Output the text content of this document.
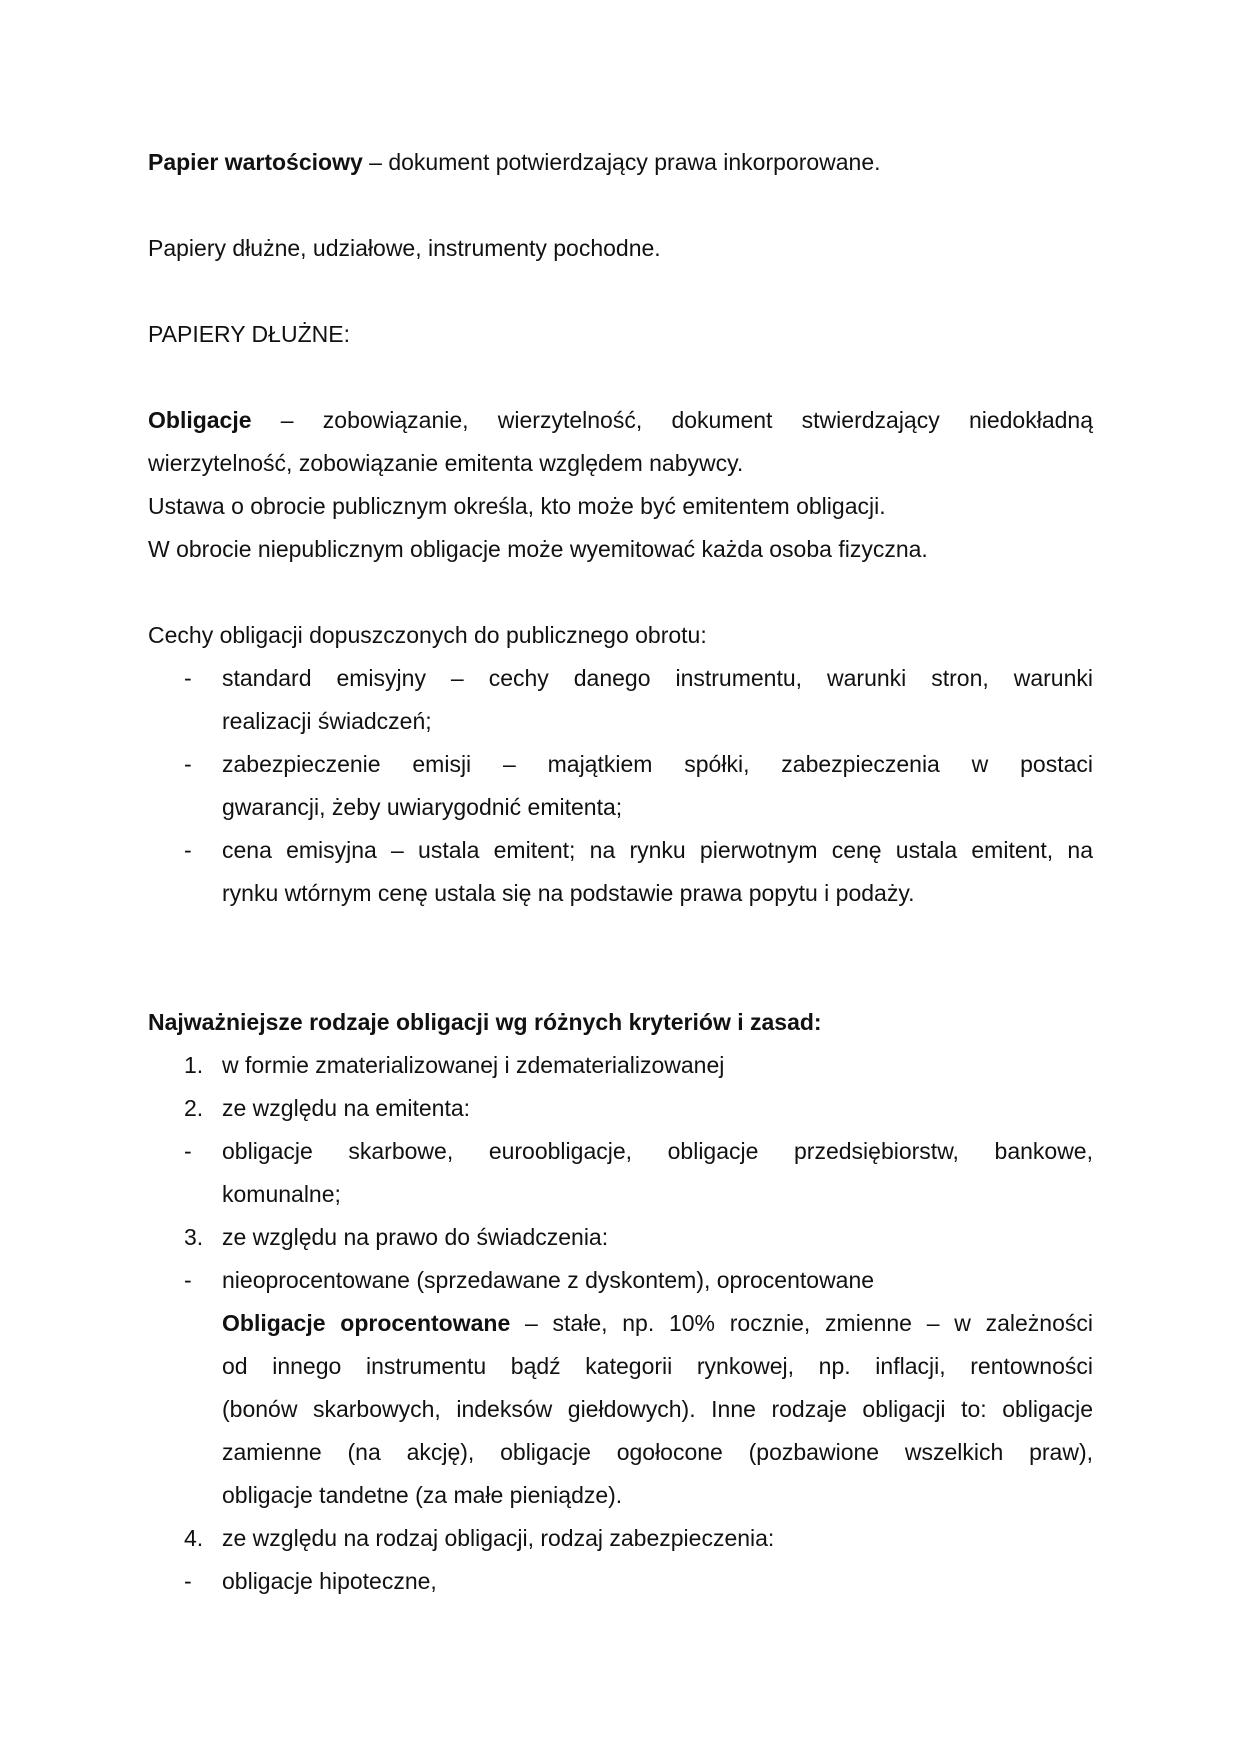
Papier wartościowy – dokument potwierdzający prawa inkorporowane.
Papiery dłużne, udziałowe, instrumenty pochodne.
PAPIERY DŁUŻNE:
Obligacje – zobowiązanie, wierzytelność, dokument stwierdzający niedokładną
wierzytelność, zobowiązanie emitenta względem nabywcy.
Ustawa o obrocie publicznym określa, kto może być emitentem obligacji.
W obrocie niepublicznym obligacje może wyemitować każda osoba fizyczna.
Cechy obligacji dopuszczonych do publicznego obrotu:
- standard emisyjny – cechy danego instrumentu, warunki stron, warunki
realizacji świadczeń;
- zabezpieczenie emisji – majątkiem spółki, zabezpieczenia w postaci
gwarancji, żeby uwiarygodnić emitenta;
- cena emisyjna – ustala emitent; na rynku pierwotnym cenę ustala emitent, na
rynku wtórnym cenę ustala się na podstawie prawa popytu i podaży.
Najważniejsze rodzaje obligacji wg różnych kryteriów i zasad:
1. w formie zmaterializowanej i zdematerializowanej
2. ze względu na emitenta:
- obligacje skarbowe, euroobligacje, obligacje przedsiębiorstw, bankowe,
komunalne;
3. ze względu na prawo do świadczenia:
- nieoprocentowane (sprzedawane z dyskontem), oprocentowane
Obligacje oprocentowane – stałe, np. 10% rocznie, zmienne – w zależności
od innego instrumentu bądź kategorii rynkowej, np. inflacji, rentowności
(bonów skarbowych, indeksów giełdowych). Inne rodzaje obligacji to: obligacje
zamienne (na akcję), obligacje ogołocone (pozbawione wszelkich praw),
obligacje tandetne (za małe pieniądze).
4. ze względu na rodzaj obligacji, rodzaj zabezpieczenia:
- obligacje hipoteczne,
